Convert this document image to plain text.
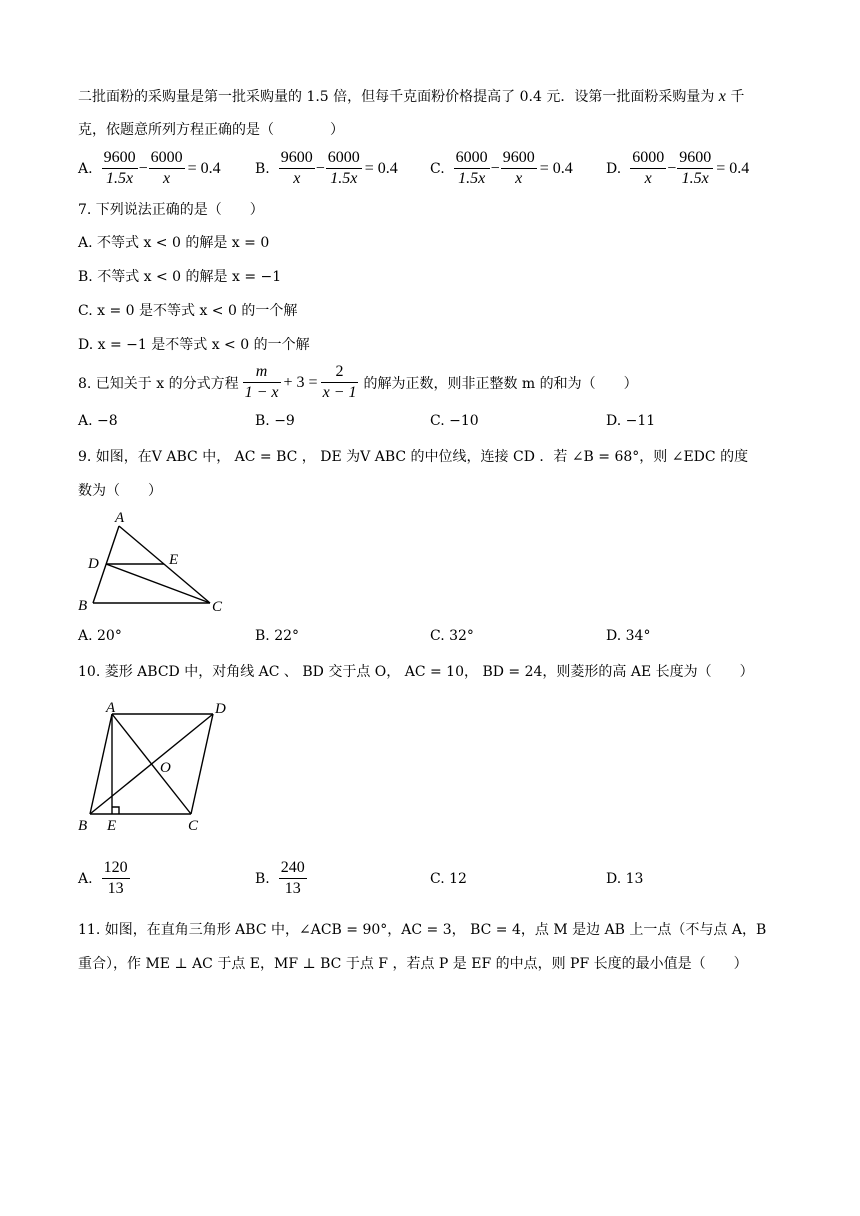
二批面粉的采购量是第一批采购量的 1.5 倍，但每千克面粉价格提高了 0.4 元．设第一批面粉采购量为 x 千
克，依题意所列方程正确的是（　　　　）
A. $\frac{9600}{1.5x} - \frac{6000}{x} = 0.4$ B. $\frac{9600}{x} - \frac{6000}{1.5x} = 0.4$ C. $\frac{6000}{1.5x} - \frac{9600}{x} = 0.4$ D. $\frac{6000}{x} - \frac{9600}{1.5x} = 0.4$
7. 下列说法正确的是（　　）
A. 不等式 x < 0 的解是 x = 0
B. 不等式 x < 0 的解是 x = −1
C. x = 0 是不等式 x < 0 的一个解
D. x = −1 是不等式 x < 0 的一个解
8. 已知关于 x 的分式方程 $\frac{m}{1 - x} + 3 = \frac{2}{x - 1}$ 的解为正数，则非正整数 m 的和为（　　）
A. −8	B. −9	C. −10	D. −11
9. 如图，在V ABC 中， AC = BC ， DE 为V ABC 的中位线，连接 CD ．若 ∠B = 68°，则 ∠EDC 的度
数为（　　）
A
D	E
B	C
A. 20°	B. 22°	C. 32°	D. 34°
10. 菱形 ABCD 中，对角线 AC 、 BD 交于点 O， AC = 10， BD = 24，则菱形的高 AE 长度为（　　）
A	D
O
B E	C
A. $\frac{120}{13}$	B. $\frac{240}{13}$	C. 12	D. 13
11. 如图，在直角三角形 ABC 中，∠ACB = 90°，AC = 3， BC = 4，点 M 是边 AB 上一点（不与点 A，B
重合），作 ME ⊥ AC 于点 E，MF ⊥ BC 于点 F ，若点 P 是 EF 的中点，则 PF 长度的最小值是（　　）
